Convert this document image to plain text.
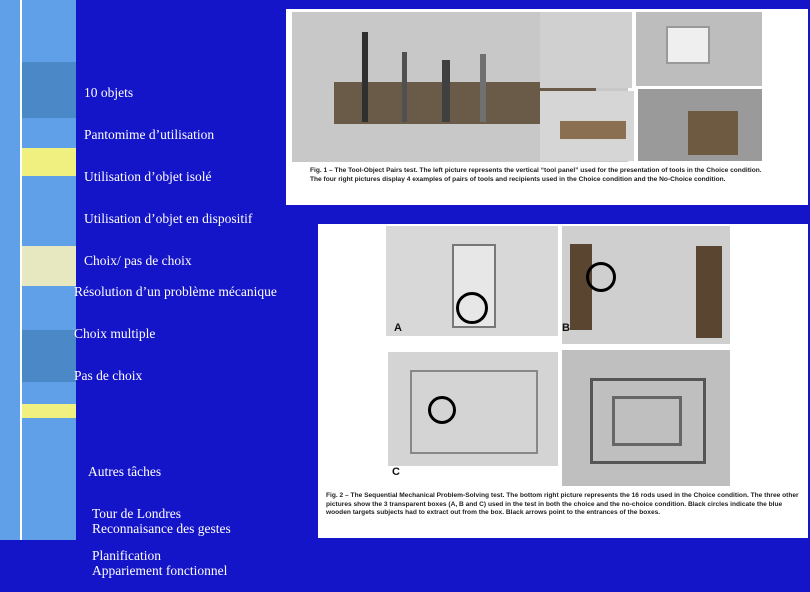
10 objets

Pantomime d’utilisation

Utilisation d’objet isolé

Utilisation d’objet en dispositif

Choix/ pas de choix

Résolution d’un problème mécanique

Choix multiple

Pas de choix

Autres tâches

Tour de Londres

Planification

Reconnaisance des gestes

Appariement fonctionnel

Fig. 1 – The Tool-Object Pairs test. The left picture represents the vertical “tool panel” used for the presentation of tools in the Choice condition. The four right pictures display 4 examples of pairs of tools and recipients used in the Choice condition and the No-Choice condition.
A	B
C
Fig. 2 – The Sequential Mechanical Problem-Solving test. The bottom right picture represents the 16 rods used in the Choice condition. The three other pictures show the 3 transparent boxes (A, B and C) used in the test in both the choice and the no-choice condition. Black circles indicate the blue wooden targets subjects had to extract out from the box. Black arrows point to the entrances of the boxes.
